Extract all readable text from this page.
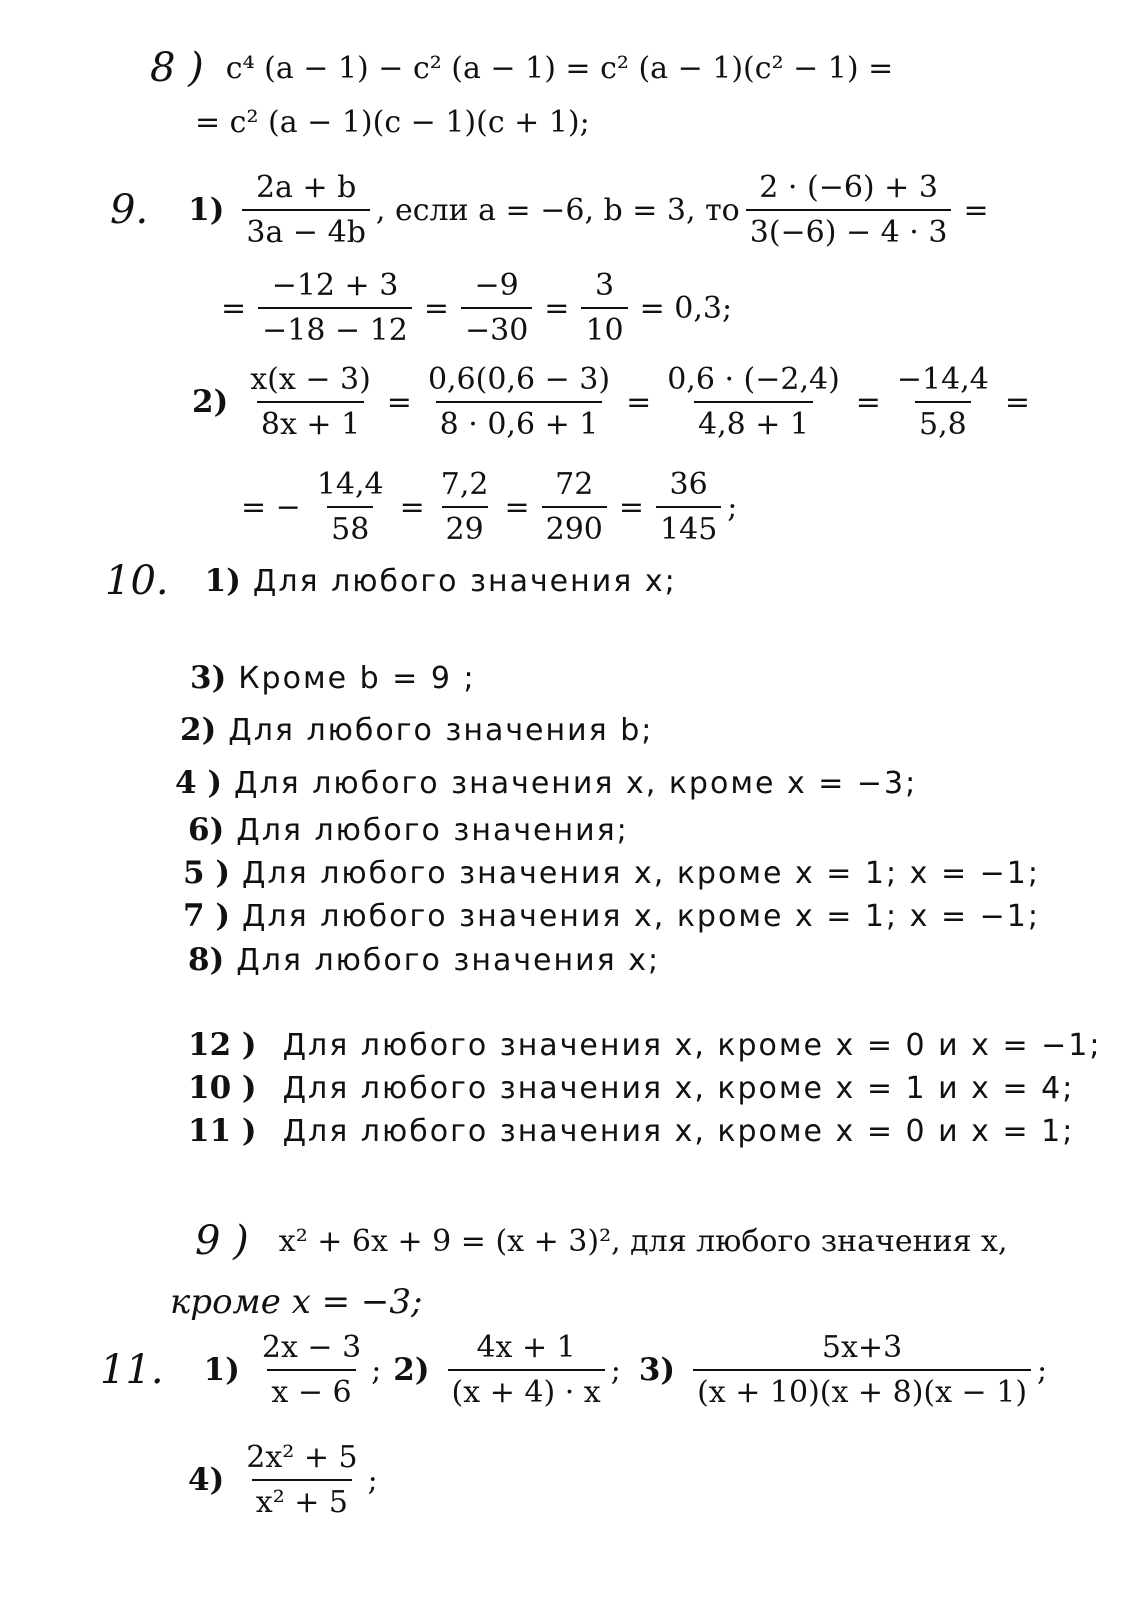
8 ) c⁴ (a − 1) − c² (a − 1) = c² (a − 1)(c² − 1) =
= c² (a − 1)(c − 1)(c + 1);
9. $1) \frac{2a + b}{3a - 4b}$ , если a = −6, b = 3, то $\frac{2 \cdot (-6) + 3}{3(-6) - 4 \cdot 3}$ =
= $\frac{-12 + 3}{-18 - 12} = \frac{-9}{-30} = \frac{3}{10} = 0,3$;
$2) \frac{x(x - 3)}{8x + 1} = \frac{0,6(0,6 - 3)}{8 \cdot 0,6 + 1} = \frac{0,6 \cdot (-2,4)}{4,8 + 1} = \frac{-14,4}{5,8}$ =
= − $\frac{14,4}{58} = \frac{7,2}{29} = \frac{72}{290} = \frac{36}{145}$ ;
10. 1) Для любого значения x;
3) Кроме b = 9 ;
2) Для любого значения b;
4 ) Для любого значения x, кроме x = −3;
6) Для любого значения;
5 ) Для любого значения x, кроме x = 1; x = −1;
7 ) Для любого значения x, кроме x = 1; x = −1;
8) Для любого значения x;
12 ) Для любого значения x, кроме x = 0 и x = −1;
10 ) Для любого значения x, кроме x = 1 и x = 4;
11 ) Для любого значения x, кроме x = 0 и x = 1;
9 ) x² + 6x + 9 = (x + 3)², для любого значения x,
кроме x = −3;
11. $1) \frac{2x - 3}{x - 6}$ ; $2) \frac{4x + 1}{(x + 4) \cdot x}$ ; $3) \frac{5x+3}{(x + 10)(x + 8)(x - 1)}$ ;
$4) \frac{\text{2x² + 5}}{\text{x² + 5}}$ ;
